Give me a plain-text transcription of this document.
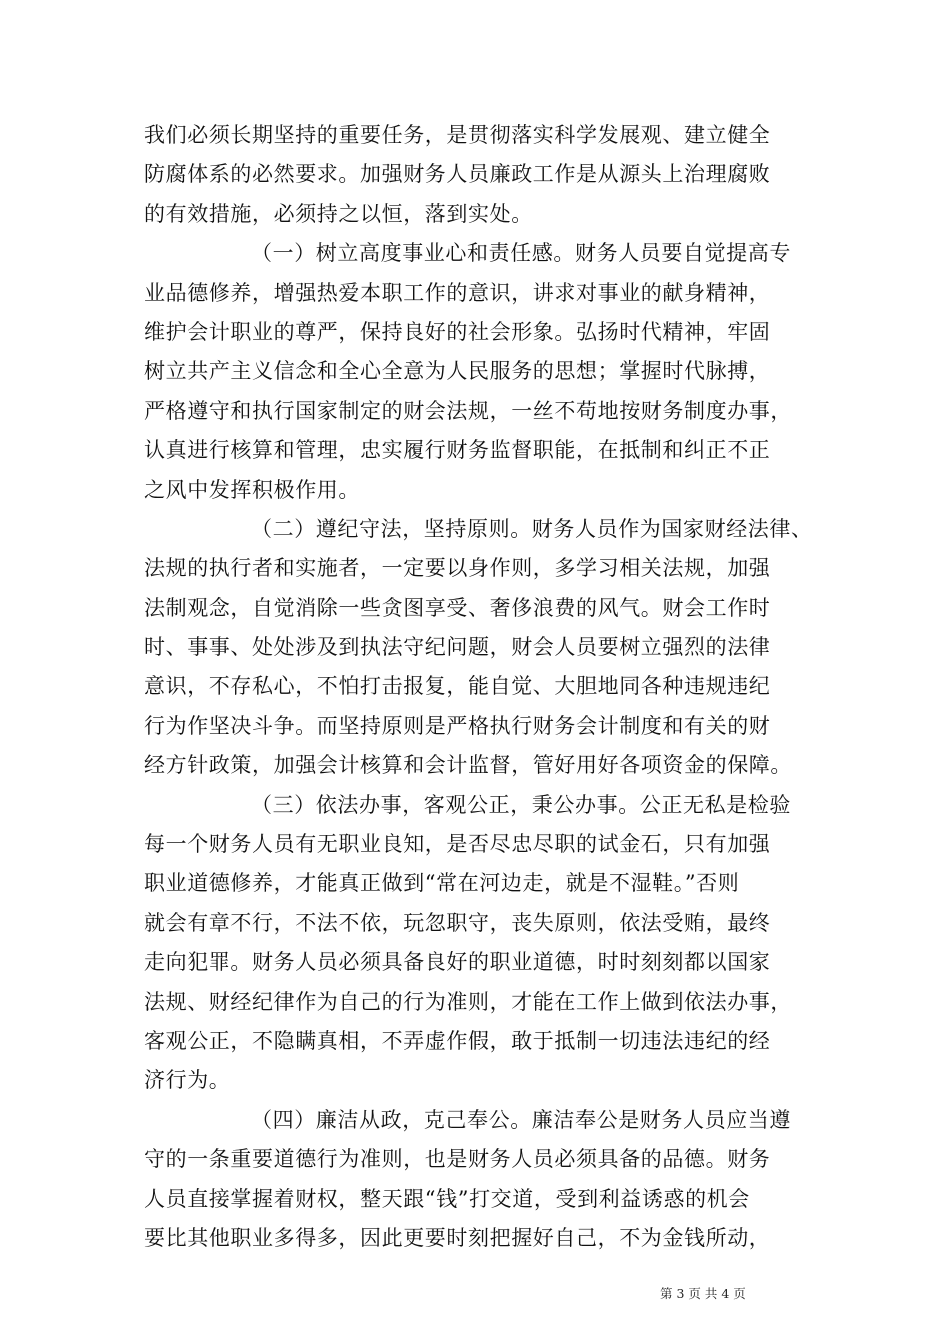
我们必须长期坚持的重要任务，是贯彻落实科学发展观、建立健全
防腐体系的必然要求。加强财务人员廉政工作是从源头上治理腐败
的有效措施，必须持之以恒，落到实处。
（一）树立高度事业心和责任感。财务人员要自觉提高专
业品德修养，增强热爱本职工作的意识，讲求对事业的献身精神，
维护会计职业的尊严，保持良好的社会形象。弘扬时代精神，牢固
树立共产主义信念和全心全意为人民服务的思想；掌握时代脉搏，
严格遵守和执行国家制定的财会法规，一丝不苟地按财务制度办事，
认真进行核算和管理，忠实履行财务监督职能，在抵制和纠正不正
之风中发挥积极作用。
（二）遵纪守法，坚持原则。财务人员作为国家财经法律、
法规的执行者和实施者，一定要以身作则，多学习相关法规，加强
法制观念，自觉消除一些贪图享受、奢侈浪费的风气。财会工作时
时、事事、处处涉及到执法守纪问题，财会人员要树立强烈的法律
意识，不存私心，不怕打击报复，能自觉、大胆地同各种违规违纪
行为作坚决斗争。而坚持原则是严格执行财务会计制度和有关的财
经方针政策，加强会计核算和会计监督，管好用好各项资金的保障。
（三）依法办事，客观公正，秉公办事。公正无私是检验
每一个财务人员有无职业良知，是否尽忠尽职的试金石，只有加强
职业道德修养，才能真正做到“常在河边走，就是不湿鞋。”否则
就会有章不行，不法不依，玩忽职守，丧失原则，依法受贿，最终
走向犯罪。财务人员必须具备良好的职业道德，时时刻刻都以国家
法规、财经纪律作为自己的行为准则，才能在工作上做到依法办事，
客观公正，不隐瞒真相，不弄虚作假，敢于抵制一切违法违纪的经
济行为。
（四）廉洁从政，克己奉公。廉洁奉公是财务人员应当遵
守的一条重要道德行为准则，也是财务人员必须具备的品德。财务
人员直接掌握着财权，整天跟“钱”打交道，受到利益诱惑的机会
要比其他职业多得多，因此更要时刻把握好自己，不为金钱所动，
第 3 页 共 4 页
